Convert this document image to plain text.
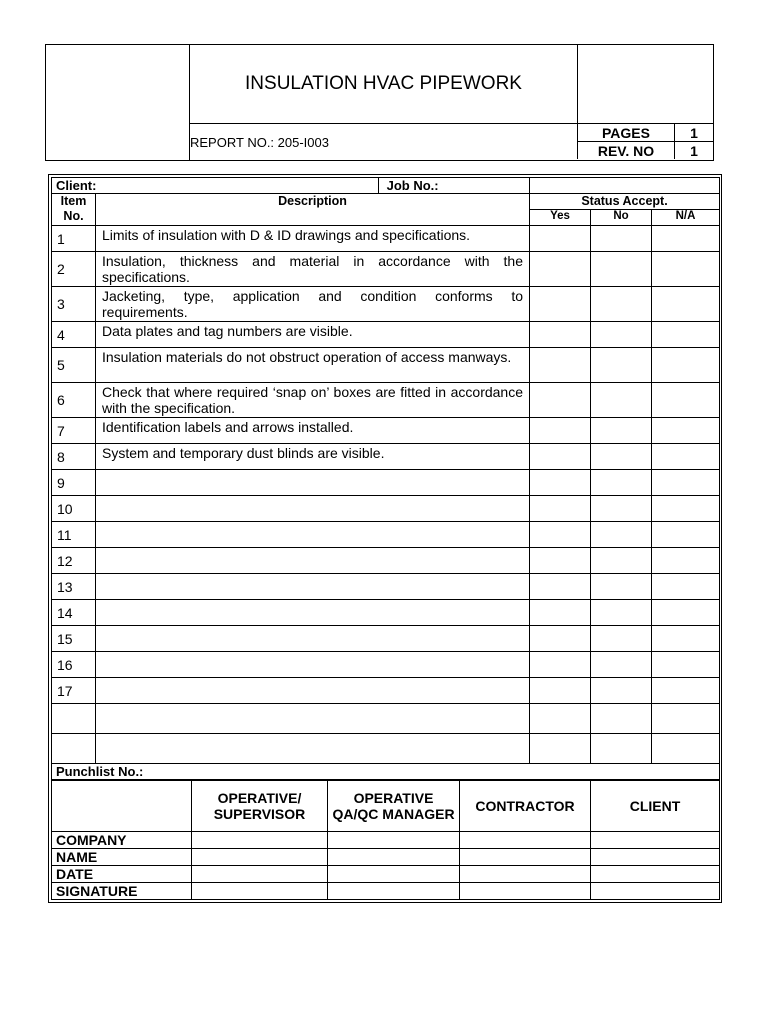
INSULATION HVAC PIPEWORK
REPORT NO.: 205-I003
PAGES	1
REV. NO	1
Client: Job No.:				
Item No.	Description	Status Accept.		
		Yes	No	N/A
1	Limits of insulation with D & ID drawings and specifications.			
2	Insulation, thickness and material in accordance with the specifications.			
3	Jacketing, type, application and condition conforms to requirements.			
4	Data plates and tag numbers are visible.			
5	Insulation materials do not obstruct operation of access manways.			
6	Check that where required ‘snap on’ boxes are fitted in accordance with the specification.			
7	Identification labels and arrows installed.			
8	System and temporary dust blinds are visible.			
9				
10				
11				
12				
13				
14				
15				
16				
17				

Punchlist No.:				
	OPERATIVE/ SUPERVISOR	OPERATIVE QA/QC MANAGER	CONTRACTOR	CLIENT
COMPANY				
NAME				
DATE				
SIGNATURE				
